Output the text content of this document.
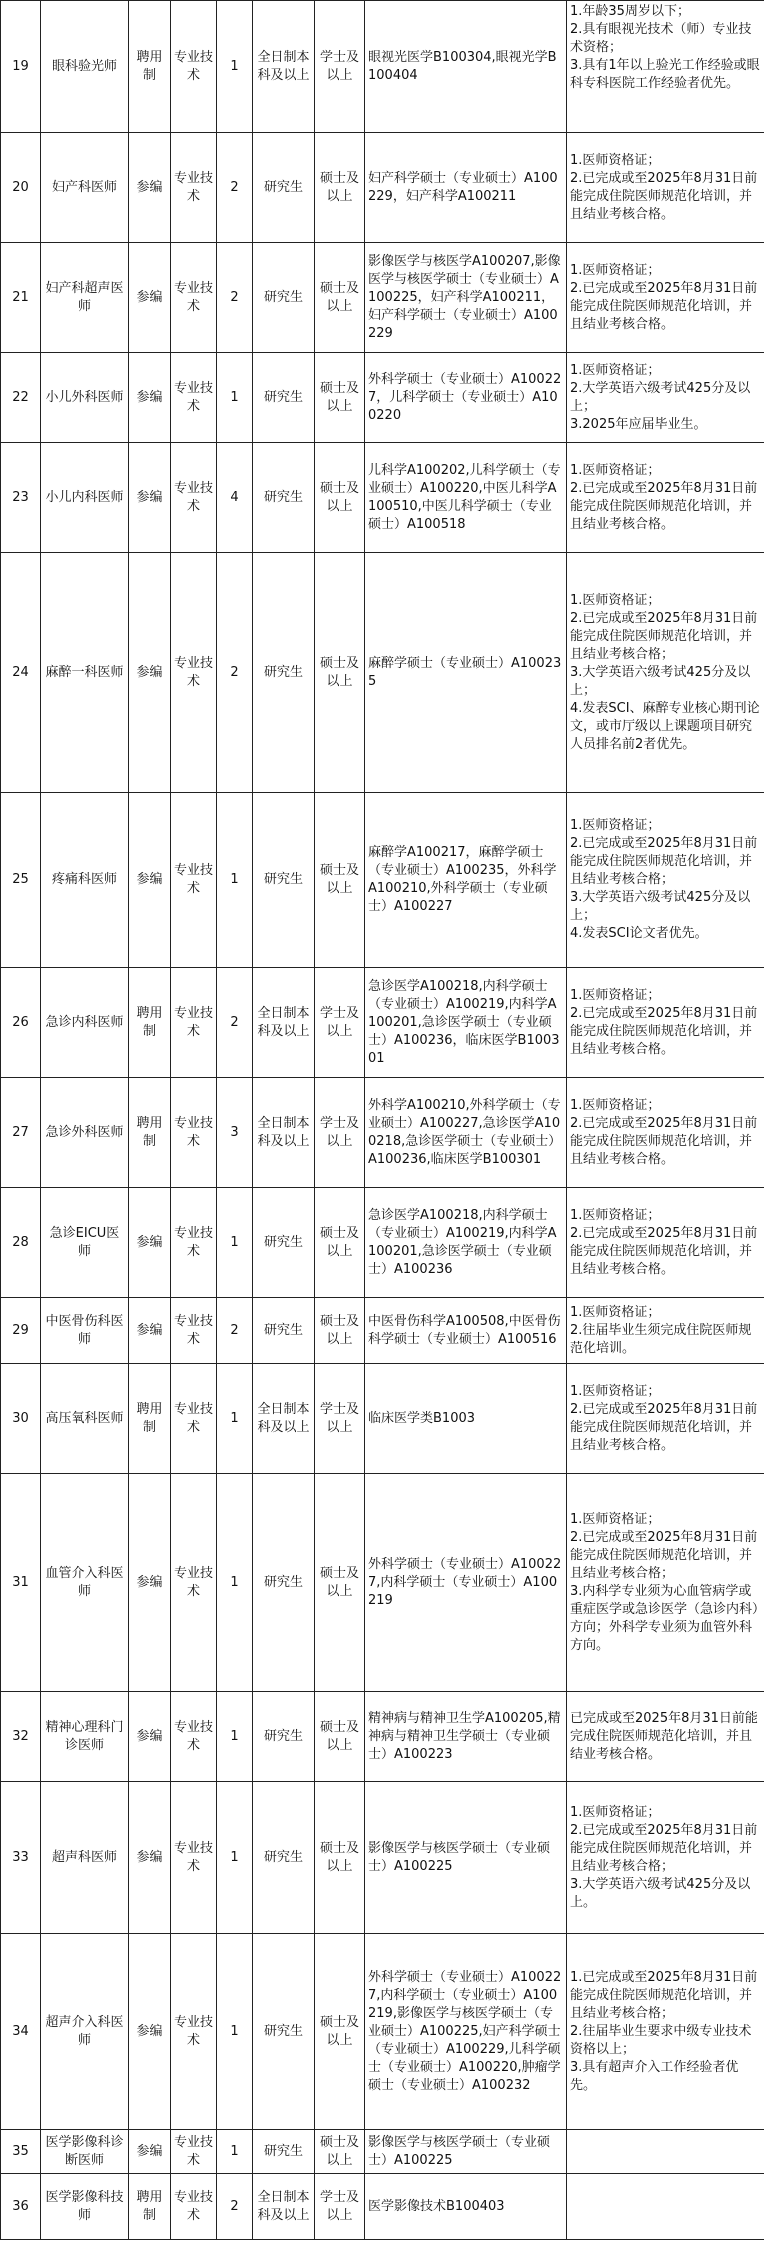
19	眼科验光师	聘用制	专业技术	1	全日制本科及以上	学士及以上	眼视光医学B100304,眼视光学B100404	1.年龄35周岁以下；
2.具有眼视光技术（师）专业技术资格；
3.具有1年以上验光工作经验或眼科专科医院工作经验者优先。
20	妇产科医师	参编	专业技术	2	研究生	硕士及以上	妇产科学硕士（专业硕士）A100229，妇产科学A100211	1.医师资格证；
2.已完成或至2025年8月31日前能完成住院医师规范化培训，并且结业考核合格。
21	妇产科超声医师	参编	专业技术	2	研究生	硕士及以上	影像医学与核医学A100207,影像医学与核医学硕士（专业硕士）A100225，妇产科学A100211，妇产科学硕士（专业硕士）A100229	1.医师资格证；
2.已完成或至2025年8月31日前能完成住院医师规范化培训，并且结业考核合格。
22	小儿外科医师	参编	专业技术	1	研究生	硕士及以上	外科学硕士（专业硕士）A100227，儿科学硕士（专业硕士）A100220	1.医师资格证；
2.大学英语六级考试425分及以上；
3.2025年应届毕业生。
23	小儿内科医师	参编	专业技术	4	研究生	硕士及以上	儿科学A100202,儿科学硕士（专业硕士）A100220,中医儿科学A100510,中医儿科学硕士（专业硕士）A100518	1.医师资格证；
2.已完成或至2025年8月31日前能完成住院医师规范化培训，并且结业考核合格。
24	麻醉一科医师	参编	专业技术	2	研究生	硕士及以上	麻醉学硕士（专业硕士）A100235	1.医师资格证；
2.已完成或至2025年8月31日前能完成住院医师规范化培训，并且结业考核合格；
3.大学英语六级考试425分及以上；
4.发表SCI、麻醉专业核心期刊论文，或市厅级以上课题项目研究人员排名前2者优先。
25	疼痛科医师	参编	专业技术	1	研究生	硕士及以上	麻醉学A100217，麻醉学硕士（专业硕士）A100235，外科学A100210,外科学硕士（专业硕士）A100227	1.医师资格证；
2.已完成或至2025年8月31日前能完成住院医师规范化培训，并且结业考核合格；
3.大学英语六级考试425分及以上；
4.发表SCI论文者优先。
26	急诊内科医师	聘用制	专业技术	2	全日制本科及以上	学士及以上	急诊医学A100218,内科学硕士（专业硕士）A100219,内科学A100201,急诊医学硕士（专业硕士）A100236，临床医学B100301	1.医师资格证；
2.已完成或至2025年8月31日前能完成住院医师规范化培训，并且结业考核合格。
27	急诊外科医师	聘用制	专业技术	3	全日制本科及以上	学士及以上	外科学A100210,外科学硕士（专业硕士）A100227,急诊医学A100218,急诊医学硕士（专业硕士）A100236,临床医学B100301	1.医师资格证；
2.已完成或至2025年8月31日前能完成住院医师规范化培训，并且结业考核合格。
28	急诊EICU医师	参编	专业技术	1	研究生	硕士及以上	急诊医学A100218,内科学硕士（专业硕士）A100219,内科学A100201,急诊医学硕士（专业硕士）A100236	1.医师资格证；
2.已完成或至2025年8月31日前能完成住院医师规范化培训，并且结业考核合格。
29	中医骨伤科医师	参编	专业技术	2	研究生	硕士及以上	中医骨伤科学A100508,中医骨伤科学硕士（专业硕士）A100516	1.医师资格证；
2.往届毕业生须完成住院医师规范化培训。
30	高压氧科医师	聘用制	专业技术	1	全日制本科及以上	学士及以上	临床医学类B1003	1.医师资格证；
2.已完成或至2025年8月31日前能完成住院医师规范化培训，并且结业考核合格。
31	血管介入科医师	参编	专业技术	1	研究生	硕士及以上	外科学硕士（专业硕士）A100227,内科学硕士（专业硕士）A100219	1.医师资格证；
2.已完成或至2025年8月31日前能完成住院医师规范化培训，并且结业考核合格；
3.内科学专业须为心血管病学或重症医学或急诊医学（急诊内科）方向；外科学专业须为血管外科方向。
32	精神心理科门诊医师	参编	专业技术	1	研究生	硕士及以上	精神病与精神卫生学A100205,精神病与精神卫生学硕士（专业硕士）A100223	已完成或至2025年8月31日前能完成住院医师规范化培训，并且结业考核合格。
33	超声科医师	参编	专业技术	1	研究生	硕士及以上	影像医学与核医学硕士（专业硕士）A100225	1.医师资格证；
2.已完成或至2025年8月31日前能完成住院医师规范化培训，并且结业考核合格；
3.大学英语六级考试425分及以上。
34	超声介入科医师	参编	专业技术	1	研究生	硕士及以上	外科学硕士（专业硕士）A100227,内科学硕士（专业硕士）A100219,影像医学与核医学硕士（专业硕士）A100225,妇产科学硕士（专业硕士）A100229,儿科学硕士（专业硕士）A100220,肿瘤学硕士（专业硕士）A100232	1.已完成或至2025年8月31日前能完成住院医师规范化培训，并且结业考核合格；
2.往届毕业生要求中级专业技术资格以上；
3.具有超声介入工作经验者优先。
35	医学影像科诊断医师	参编	专业技术	1	研究生	硕士及以上	影像医学与核医学硕士（专业硕士）A100225	
36	医学影像科技师	聘用制	专业技术	2	全日制本科及以上	学士及以上	医学影像技术B100403	
